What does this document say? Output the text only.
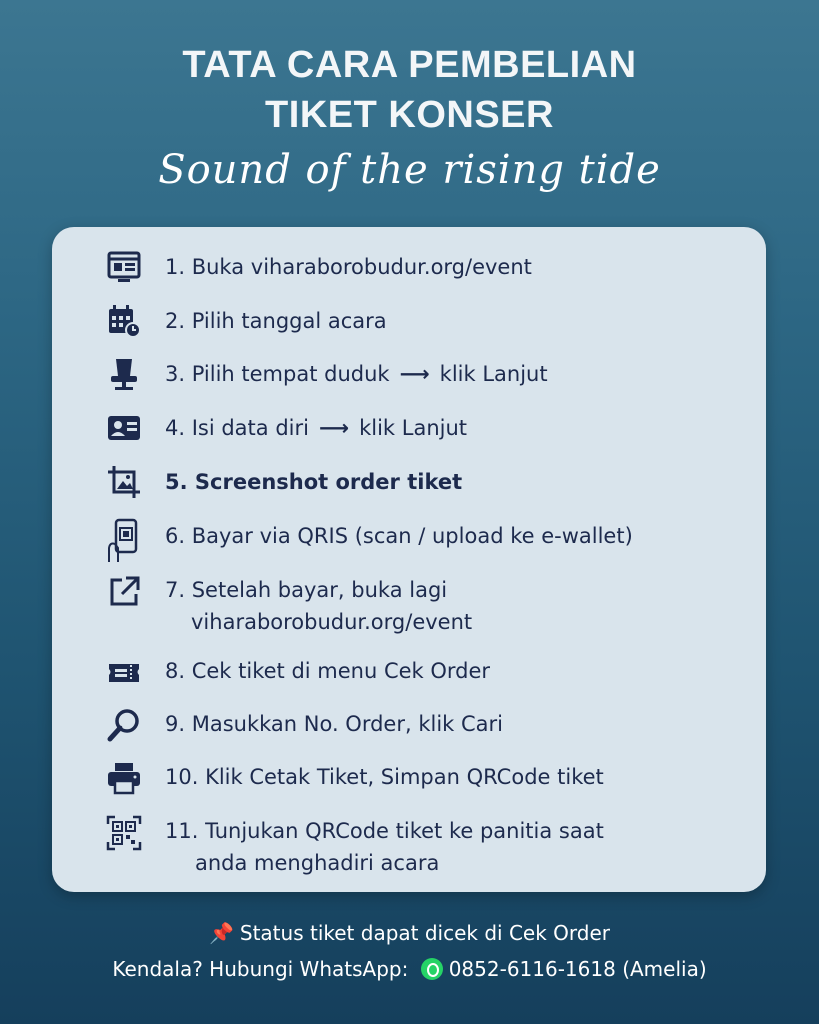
TATA CARA PEMBELIAN
TIKET KONSER
Sound of the rising tide
1. Buka viharaborobudur.org/event
2. Pilih tanggal acara
3. Pilih tempat duduk ⟶ klik Lanjut
4. Isi data diri ⟶ klik Lanjut
5. Screenshot order tiket
6. Bayar via QRIS (scan / upload ke e-wallet)
7. Setelah bayar, buka lagi
viharaborobudur.org/event
8. Cek tiket di menu Cek Order
9. Masukkan No. Order, klik Cari
10. Klik Cetak Tiket, Simpan QRCode tiket
11. Tunjukan QRCode tiket ke panitia saat
anda menghadiri acara
📌 Status tiket dapat dicek di Cek Order
Kendala? Hubungi WhatsApp: 0852-6116-1618 (Amelia)
